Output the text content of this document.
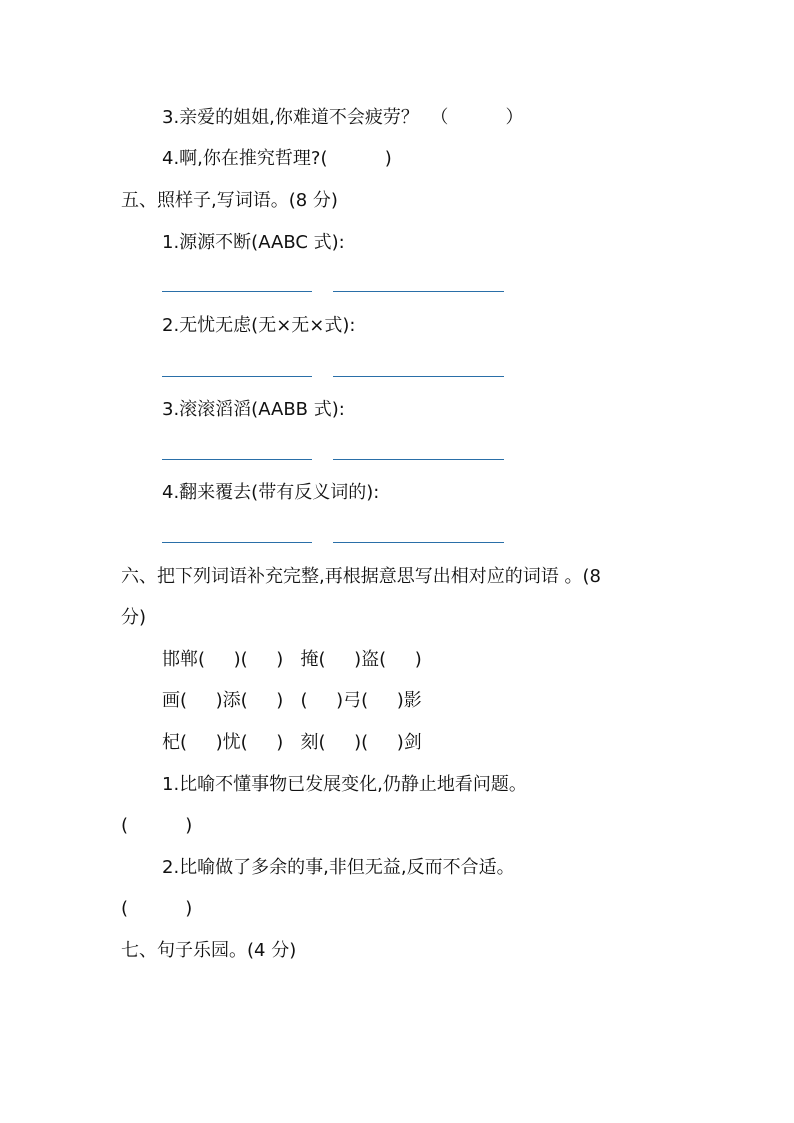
3.亲爱的姐姐,你难道不会疲劳？  （          ）
4.啊,你在推究哲理?(          )
五、照样子,写词语。(8 分)
1.源源不断(AABC 式):
2.无忧无虑(无×无×式):
3.滚滚滔滔(AABB 式):
4.翻来覆去(带有反义词的):
六、把下列词语补充完整,再根据意思写出相对应的词语 。(8
分)
邯郸(     )(     )   掩(     )盗(     )
画(     )添(     )   (     )弓(     )影
杞(     )忧(     )   刻(     )(     )剑
1.比喻不懂事物已发展变化,仍静止地看问题。
(          )
2.比喻做了多余的事,非但无益,反而不合适。
(          )
七、句子乐园。(4 分)
